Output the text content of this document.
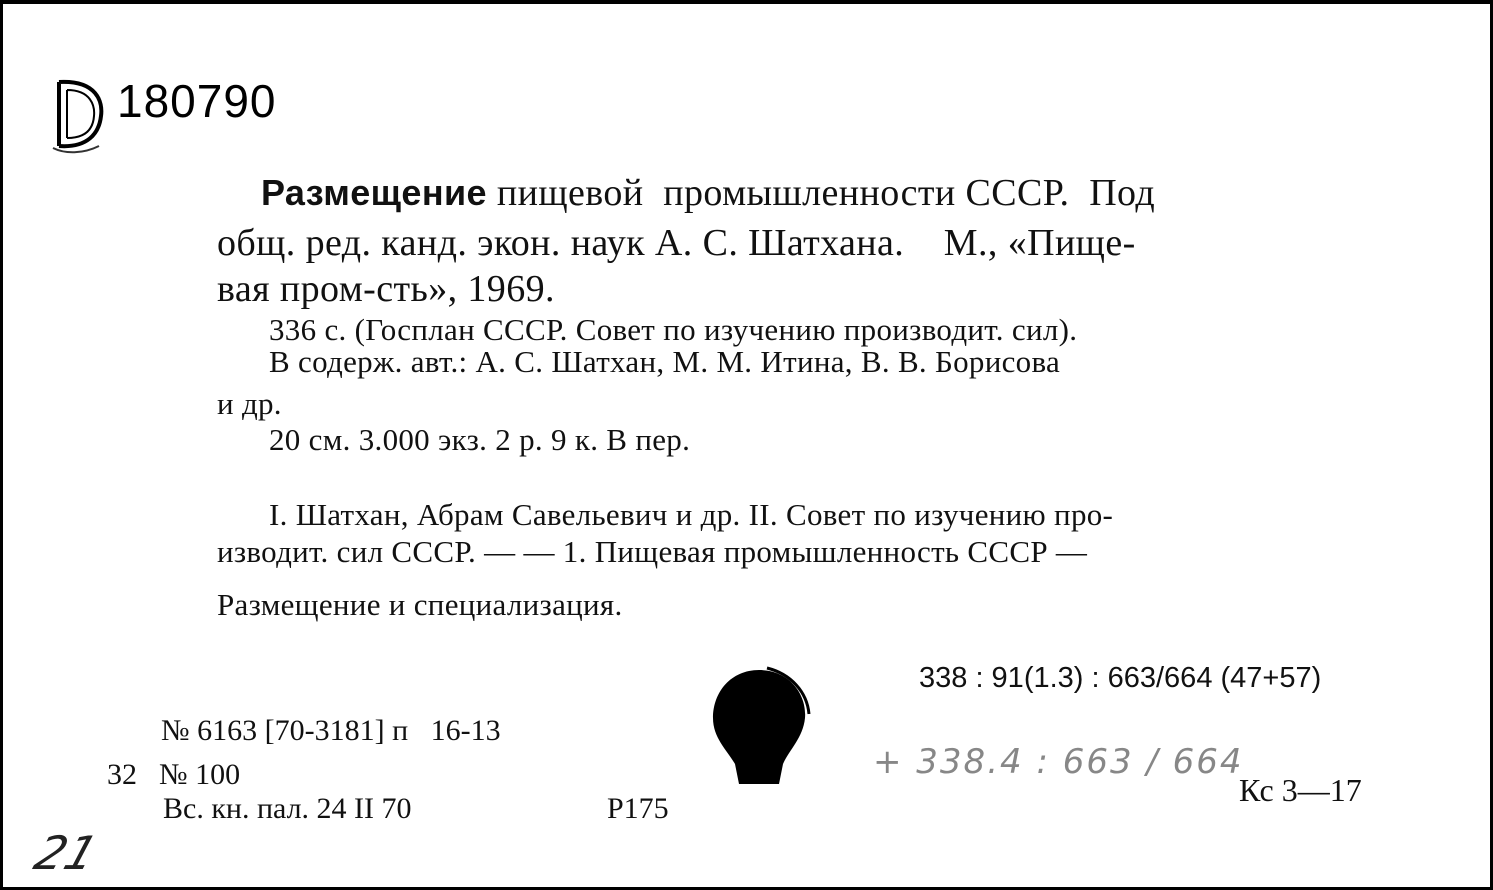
180790
Размещение пищевой  промышленности СССР.  Под
общ. ред. канд. экон. наук А. С. Шатхана.    М., «Пище-
вая пром-сть», 1969.
336 с. (Госплан СССР. Совет по изучению производит. сил).
В содерж. авт.: А. С. Шатхан, М. М. Итина, В. В. Борисова
и др.
20 см. 3.000 экз. 2 р. 9 к. В пер.
I. Шатхан, Абрам Савельевич и др. II. Совет по изучению про-
изводит. сил СССР. — — 1. Пищевая промышленность СССР —
Размещение и специализация.
338 : 91(1.3) : 663/664 (47+57)
+ 338.4 : 663 / 664
Кс 3—17
№ 6163 [70-3181] п   16-13
32 № 100
Вс. кн. пал. 24 II 70	Р175
21
